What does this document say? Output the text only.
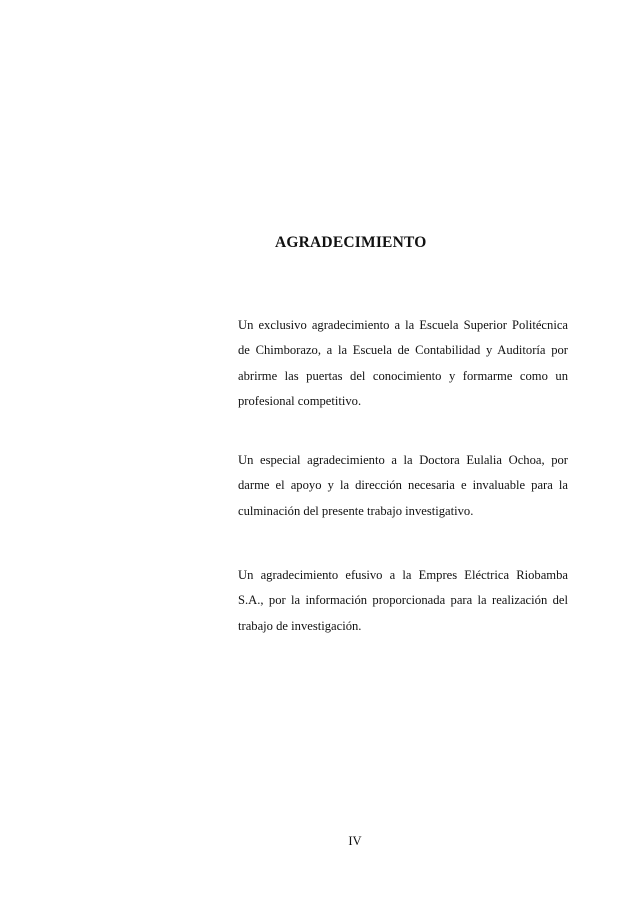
AGRADECIMIENTO

Un exclusivo agradecimiento a la Escuela Superior Politécnica de Chimborazo, a la Escuela de Contabilidad y Auditoría por abrirme las puertas del conocimiento y formarme como un profesional competitivo.

Un especial agradecimiento a la Doctora Eulalia Ochoa, por darme el apoyo y la dirección necesaria e invaluable para la culminación del presente trabajo investigativo.

Un agradecimiento efusivo a la Empres Eléctrica Riobamba S.A., por la información proporcionada para la realización del trabajo de investigación.

IV
